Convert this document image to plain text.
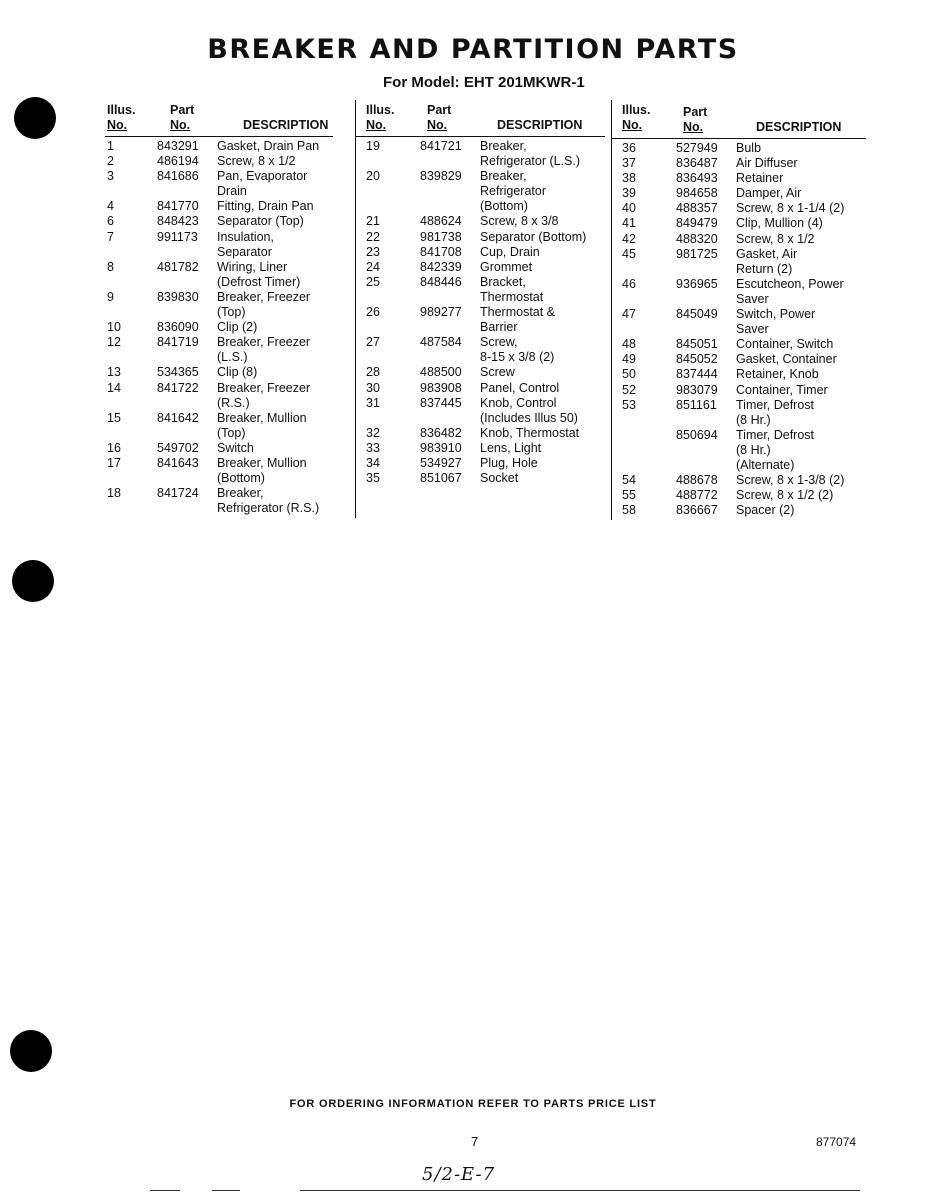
BREAKER AND PARTITION PARTS
For Model: EHT 201MKWR-1
Illus.
No.
Part
No.	DESCRIPTION
Illus.
No.
Part
No.	DESCRIPTION
Illus.
No.
Part
No.	DESCRIPTION
1	843291	Gasket, Drain Pan
2	486194	Screw, 8 x 1/2
3	841686	Pan, Evaporator
Drain
4	841770	Fitting, Drain Pan
6	848423	Separator (Top)
7	991173	Insulation,
Separator
8	481782	Wiring, Liner
(Defrost Timer)
9	839830	Breaker, Freezer
(Top)
10	836090	Clip (2)
12	841719	Breaker, Freezer
(L.S.)
13	534365	Clip (8)
14	841722	Breaker, Freezer
(R.S.)
15	841642	Breaker, Mullion
(Top)
16	549702	Switch
17	841643	Breaker, Mullion
(Bottom)
18	841724	Breaker,
Refrigerator (R.S.)
19	841721	Breaker,
Refrigerator (L.S.)
20	839829	Breaker,
Refrigerator
(Bottom)
21	488624	Screw, 8 x 3/8
22	981738	Separator (Bottom)
23	841708	Cup, Drain
24	842339	Grommet
25	848446	Bracket,
Thermostat
26	989277	Thermostat &
Barrier
27	487584	Screw,
8-15 x 3/8 (2)
28	488500	Screw
30	983908	Panel, Control
31	837445	Knob, Control
(Includes Illus 50)
32	836482	Knob, Thermostat
33	983910	Lens, Light
34	534927	Plug, Hole
35	851067	Socket
36	527949	Bulb
37	836487	Air Diffuser
38	836493	Retainer
39	984658	Damper, Air
40	488357	Screw, 8 x 1-1/4 (2)
41	849479	Clip, Mullion (4)
42	488320	Screw, 8 x 1/2
45	981725	Gasket, Air
Return (2)
46	936965	Escutcheon, Power
Saver
47	845049	Switch, Power
Saver
48	845051	Container, Switch
49	845052	Gasket, Container
50	837444	Retainer, Knob
52	983079	Container, Timer
53	851161	Timer, Defrost
(8 Hr.)
850694	Timer, Defrost
(8 Hr.)
(Alternate)
54	488678	Screw, 8 x 1-3/8 (2)
55	488772	Screw, 8 x 1/2 (2)
58	836667	Spacer (2)
FOR ORDERING INFORMATION REFER TO PARTS PRICE LIST
7	877074
5/2-E-7
